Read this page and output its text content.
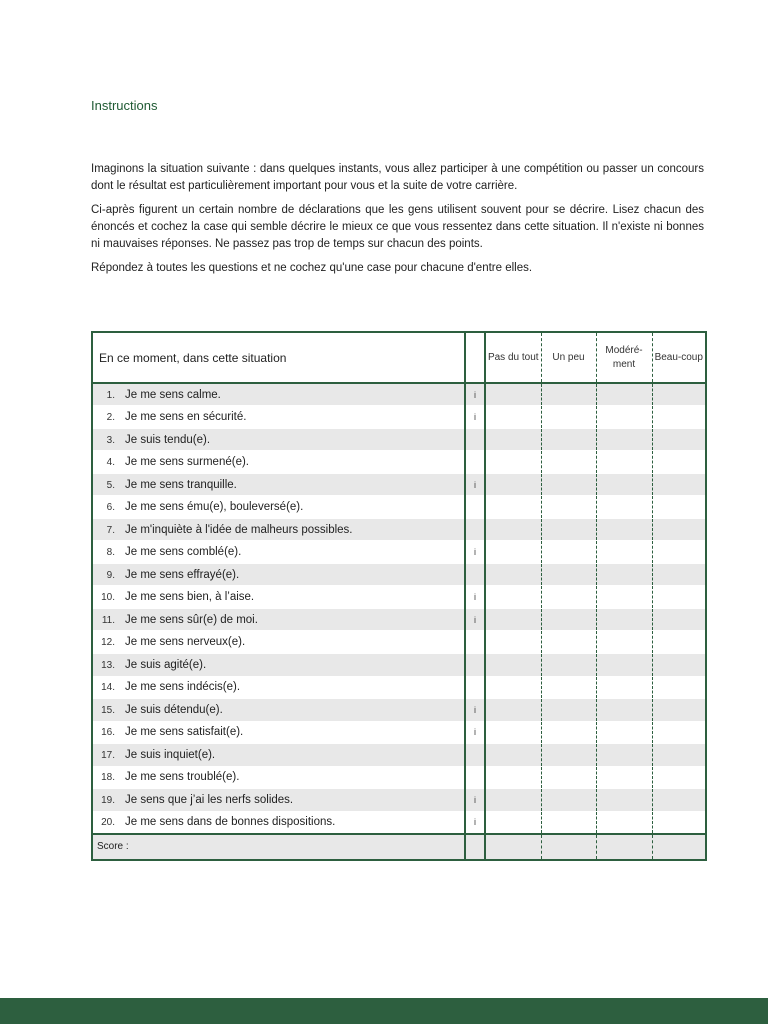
Instructions

Imaginons la situation suivante : dans quelques instants, vous allez participer à une compétition ou passer un concours dont le résultat est particulièrement important pour vous et la suite de votre carrière.

Ci-après figurent un certain nombre de déclarations que les gens utilisent souvent pour se décrire. Lisez chacun des énoncés et cochez la case qui semble décrire le mieux ce que vous ressentez dans cette situation. Il n'existe ni bonnes ni mauvaises réponses. Ne passez pas trop de temps sur chacun des points.

Répondez à toutes les questions et ne cochez qu'une case pour chacune d'entre elles.

En ce moment, dans cette situation		Pas du tout	Un peu	Modéré-ment	Beau-coup
1. Je me sens calme.	i				
2. Je me sens en sécurité.	i				
3. Je suis tendu(e).					
4. Je me sens surmené(e).					
5. Je me sens tranquille.	i				
6. Je me sens ému(e), bouleversé(e).					
7. Je m'inquiète à l'idée de malheurs possibles.					
8. Je me sens comblé(e).	i				
9. Je me sens effrayé(e).					
10. Je me sens bien, à l’aise.	i				
11. Je me sens sûr(e) de moi.	i				
12. Je me sens nerveux(e).					
13. Je suis agité(e).					
14. Je me sens indécis(e).					
15. Je suis détendu(e).	i				
16. Je me sens satisfait(e).	i				
17. Je suis inquiet(e).					
18. Je me sens troublé(e).					
19. Je sens que j’ai les nerfs solides.	i				
20. Je me sens dans de bonnes dispositions.	i				
Score :					
